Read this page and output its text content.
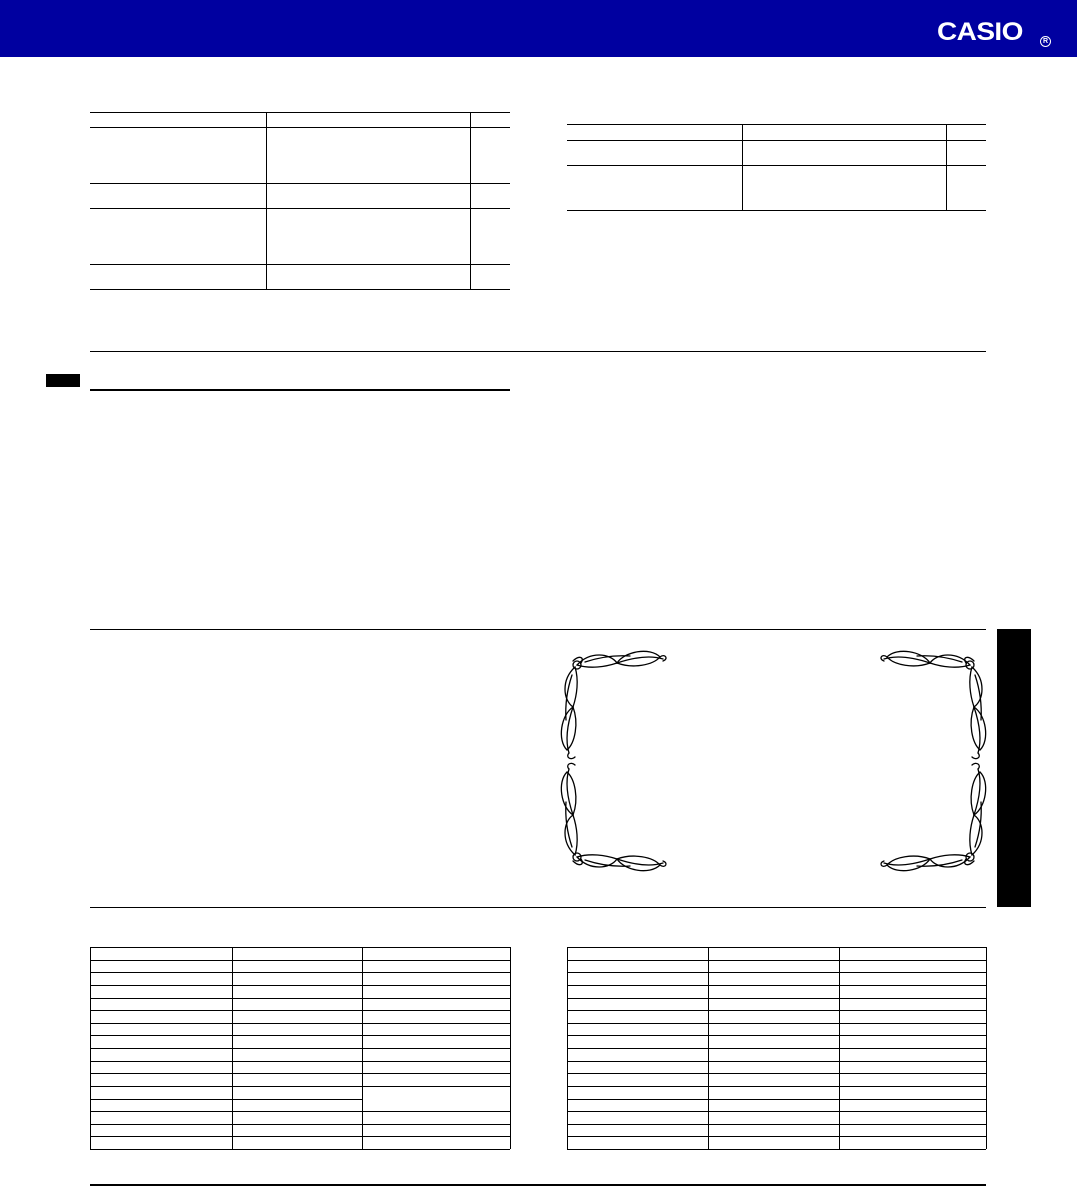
CASIO	R
